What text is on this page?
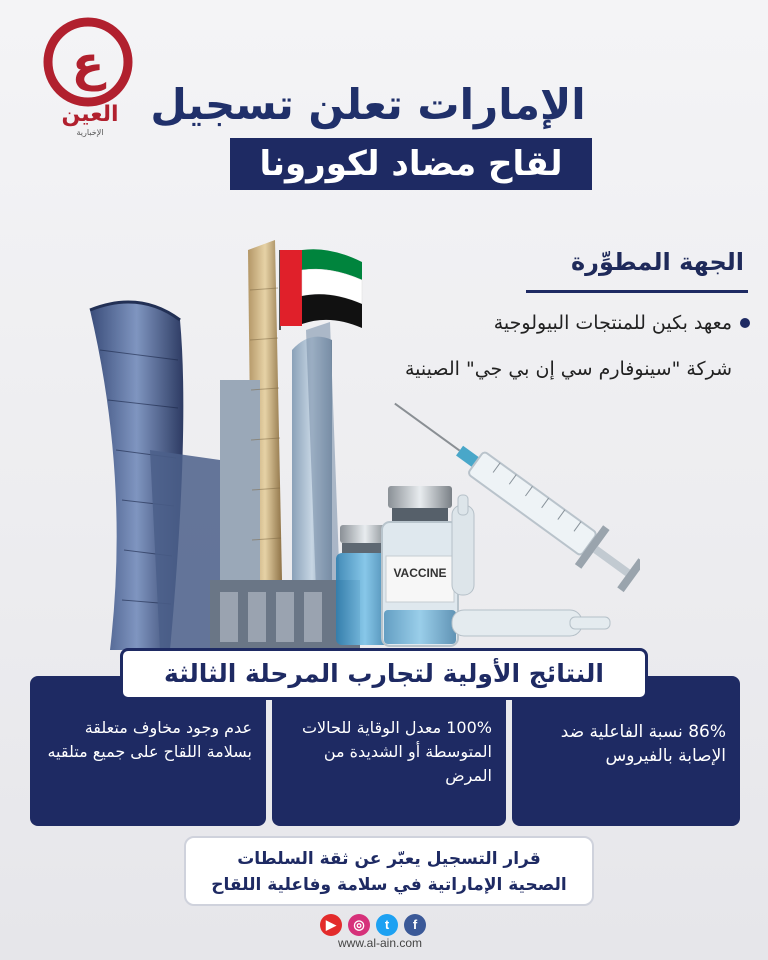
ع
العين
الإخبارية
الإمارات تعلن تسجيل
لقاح مضاد لكورونا
VACCINE
الجهة المطوِّرة
معهد بكين للمنتجات البيولوجية
شركة "سينوفارم سي إن بي جي" الصينية
86% نسبة الفاعلية ضد الإصابة بالفيروس
100% معدل الوقاية للحالات المتوسطة أو الشديدة من المرض
عدم وجود مخاوف متعلقة بسلامة اللقاح على جميع متلقيه
النتائج الأولية لتجارب المرحلة الثالثة
قرار التسجيل يعبّر عن ثقة السلطات
الصحية الإماراتية في سلامة وفاعلية اللقاح
▶	◎	t	f
www.al-ain.com
